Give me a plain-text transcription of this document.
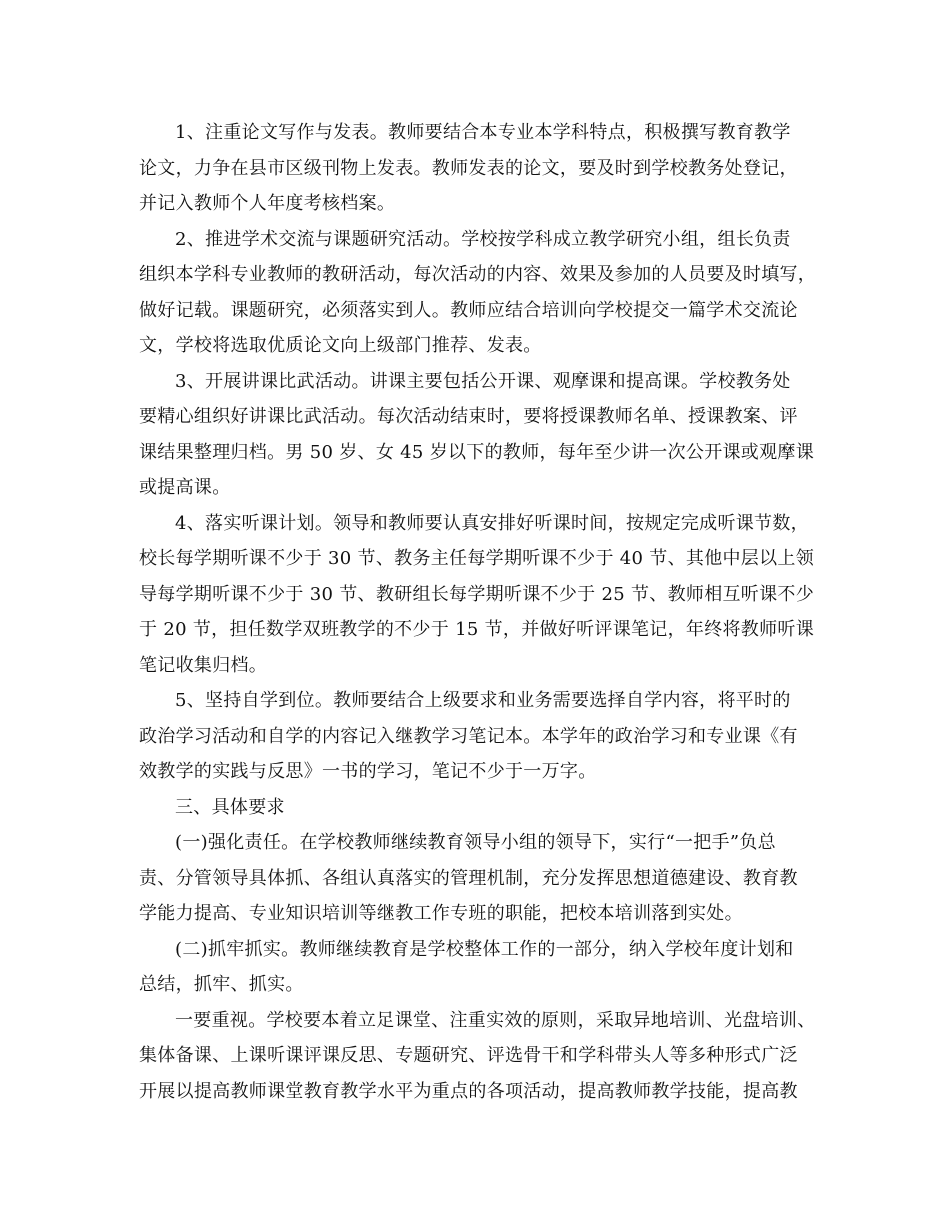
1、注重论文写作与发表。教师要结合本专业本学科特点，积极撰写教育教学
论文，力争在县市区级刊物上发表。教师发表的论文，要及时到学校教务处登记，
并记入教师个人年度考核档案。

2、推进学术交流与课题研究活动。学校按学科成立教学研究小组，组长负责
组织本学科专业教师的教研活动，每次活动的内容、效果及参加的人员要及时填写，
做好记载。课题研究，必须落实到人。教师应结合培训向学校提交一篇学术交流论
文，学校将选取优质论文向上级部门推荐、发表。

3、开展讲课比武活动。讲课主要包括公开课、观摩课和提高课。学校教务处
要精心组织好讲课比武活动。每次活动结束时，要将授课教师名单、授课教案、评
课结果整理归档。男 50 岁、女 45 岁以下的教师，每年至少讲一次公开课或观摩课
或提高课。

4、落实听课计划。领导和教师要认真安排好听课时间，按规定完成听课节数，
校长每学期听课不少于 30 节、教务主任每学期听课不少于 40 节、其他中层以上领
导每学期听课不少于 30 节、教研组长每学期听课不少于 25 节、教师相互听课不少
于 20 节，担任数学双班教学的不少于 15 节，并做好听评课笔记，年终将教师听课
笔记收集归档。

5、坚持自学到位。教师要结合上级要求和业务需要选择自学内容，将平时的
政治学习活动和自学的内容记入继教学习笔记本。本学年的政治学习和专业课《有
效教学的实践与反思》一书的学习，笔记不少于一万字。

三、具体要求

(一)强化责任。在学校教师继续教育领导小组的领导下，实行“一把手”负总
责、分管领导具体抓、各组认真落实的管理机制，充分发挥思想道德建设、教育教
学能力提高、专业知识培训等继教工作专班的职能，把校本培训落到实处。

(二)抓牢抓实。教师继续教育是学校整体工作的一部分，纳入学校年度计划和
总结，抓牢、抓实。

一要重视。学校要本着立足课堂、注重实效的原则，采取异地培训、光盘培训、
集体备课、上课听课评课反思、专题研究、评选骨干和学科带头人等多种形式广泛
开展以提高教师课堂教育教学水平为重点的各项活动，提高教师教学技能，提高教
